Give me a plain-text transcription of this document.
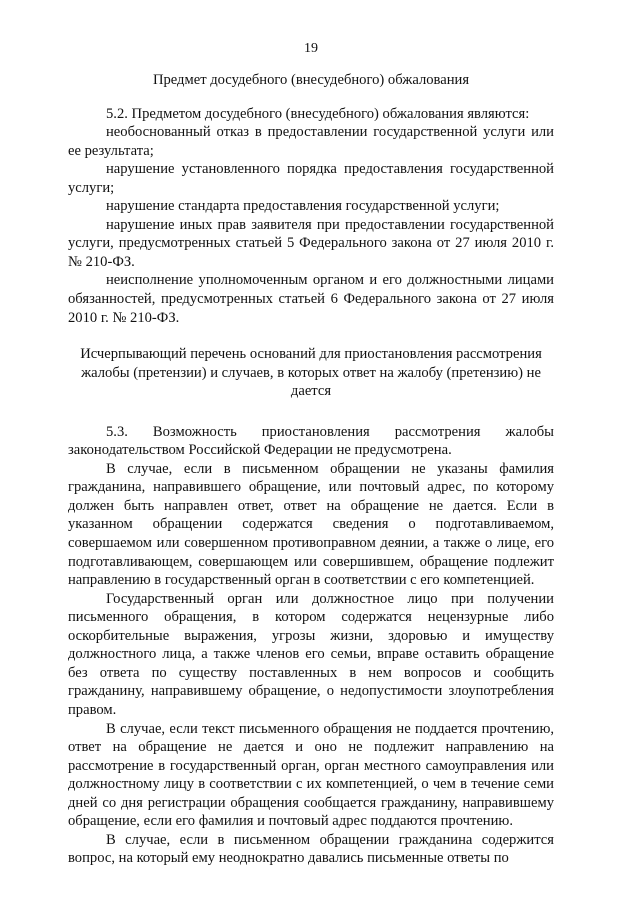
19
Предмет досудебного (внесудебного) обжалования

5.2. Предметом досудебного (внесудебного) обжалования являются:

необоснованный отказ в предоставлении государственной услуги или ее результата;

нарушение установленного порядка предоставления государственной услуги;

нарушение стандарта предоставления государственной услуги;

нарушение иных прав заявителя при предоставлении государственной услуги, предусмотренных статьей 5 Федерального закона от 27 июля 2010 г. № 210-ФЗ.

неисполнение уполномоченным органом и его должностными лицами обязанностей, предусмотренных статьей 6 Федерального закона от 27 июля 2010 г. № 210-ФЗ.

Исчерпывающий перечень оснований для приостановления рассмотрения жалобы (претензии) и случаев, в которых ответ на жалобу (претензию) не дается

5.3. Возможность приостановления рассмотрения жалобы законодательством Российской Федерации не предусмотрена.

В случае, если в письменном обращении не указаны фамилия гражданина, направившего обращение, или почтовый адрес, по которому должен быть направлен ответ, ответ на обращение не дается. Если в указанном обращении содержатся сведения о подготавливаемом, совершаемом или совершенном противоправном деянии, а также о лице, его подготавливающем, совершающем или совершившем, обращение подлежит направлению в государственный орган в соответствии с его компетенцией.

Государственный орган или должностное лицо при получении письменного обращения, в котором содержатся нецензурные либо оскорбительные выражения, угрозы жизни, здоровью и имуществу должностного лица, а также членов его семьи, вправе оставить обращение без ответа по существу поставленных в нем вопросов и сообщить гражданину, направившему обращение, о недопустимости злоупотребления правом.

В случае, если текст письменного обращения не поддается прочтению, ответ на обращение не дается и оно не подлежит направлению на рассмотрение в государственный орган, орган местного самоуправления или должностному лицу в соответствии с их компетенцией, о чем в течение семи дней со дня регистрации обращения сообщается гражданину, направившему обращение, если его фамилия и почтовый адрес поддаются прочтению.

В случае, если в письменном обращении гражданина содержится вопрос, на который ему неоднократно давались письменные ответы по
